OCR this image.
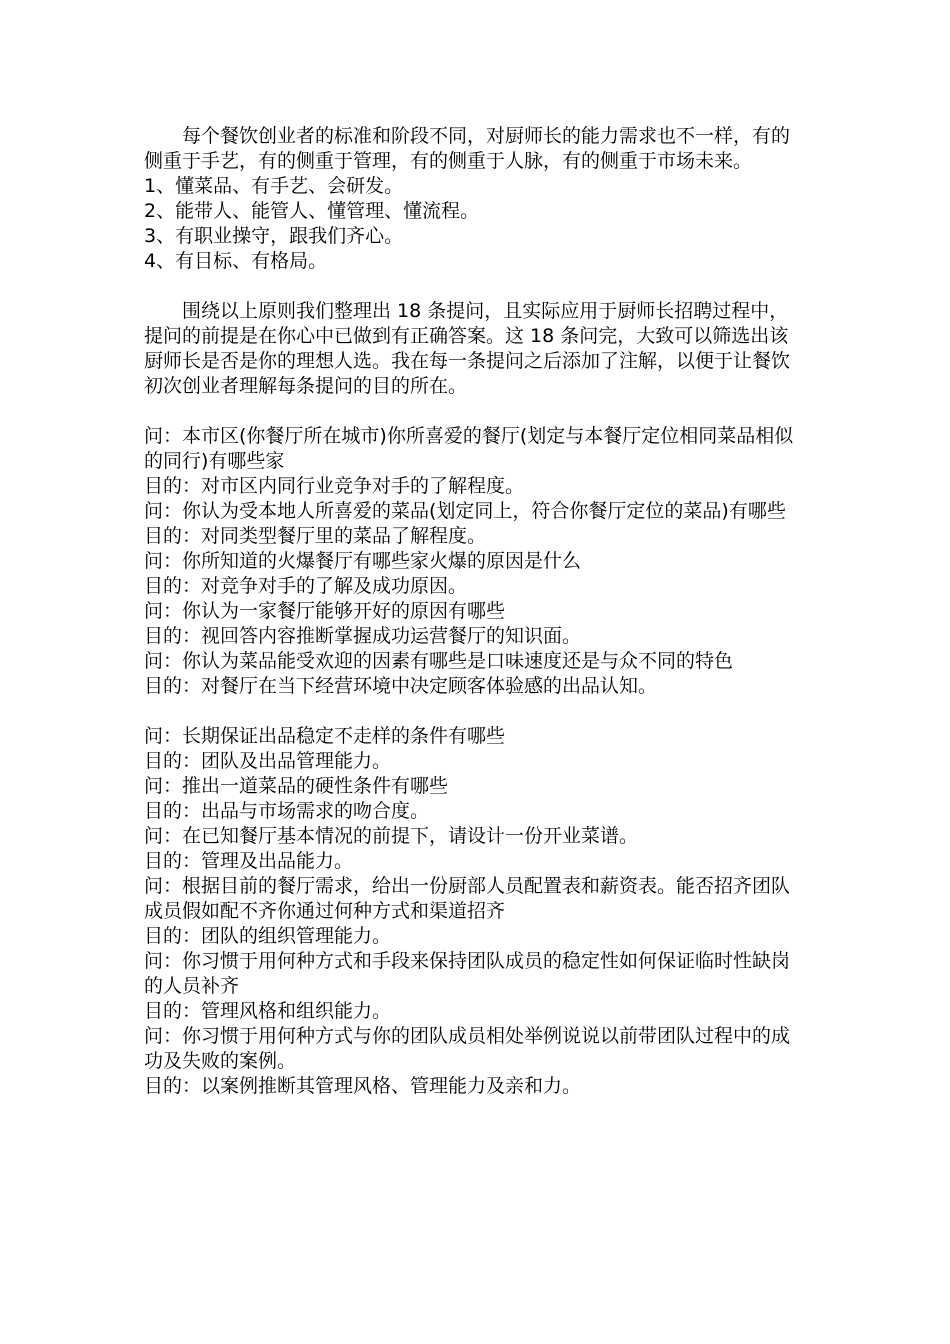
每个餐饮创业者的标准和阶段不同，对厨师长的能力需求也不一样，有的侧重于手艺，有的侧重于管理，有的侧重于人脉，有的侧重于市场未来。

1、懂菜品、有手艺、会研发。

2、能带人、能管人、懂管理、懂流程。

3、有职业操守，跟我们齐心。

4、有目标、有格局。

围绕以上原则我们整理出 18 条提问，且实际应用于厨师长招聘过程中，提问的前提是在你心中已做到有正确答案。这 18 条问完，大致可以筛选出该厨师长是否是你的理想人选。我在每一条提问之后添加了注解，以便于让餐饮初次创业者理解每条提问的目的所在。

问：本市区(你餐厅所在城市)你所喜爱的餐厅(划定与本餐厅定位相同菜品相似的同行)有哪些家

目的：对市区内同行业竞争对手的了解程度。

问：你认为受本地人所喜爱的菜品(划定同上，符合你餐厅定位的菜品)有哪些

目的：对同类型餐厅里的菜品了解程度。

问：你所知道的火爆餐厅有哪些家火爆的原因是什么

目的：对竞争对手的了解及成功原因。

问：你认为一家餐厅能够开好的原因有哪些

目的：视回答内容推断掌握成功运营餐厅的知识面。

问：你认为菜品能受欢迎的因素有哪些是口味速度还是与众不同的特色

目的：对餐厅在当下经营环境中决定顾客体验感的出品认知。

问：长期保证出品稳定不走样的条件有哪些

目的：团队及出品管理能力。

问：推出一道菜品的硬性条件有哪些

目的：出品与市场需求的吻合度。

问：在已知餐厅基本情况的前提下，请设计一份开业菜谱。

目的：管理及出品能力。

问：根据目前的餐厅需求，给出一份厨部人员配置表和薪资表。能否招齐团队成员假如配不齐你通过何种方式和渠道招齐

目的：团队的组织管理能力。

问：你习惯于用何种方式和手段来保持团队成员的稳定性如何保证临时性缺岗的人员补齐

目的：管理风格和组织能力。

问：你习惯于用何种方式与你的团队成员相处举例说说以前带团队过程中的成功及失败的案例。

目的：以案例推断其管理风格、管理能力及亲和力。
